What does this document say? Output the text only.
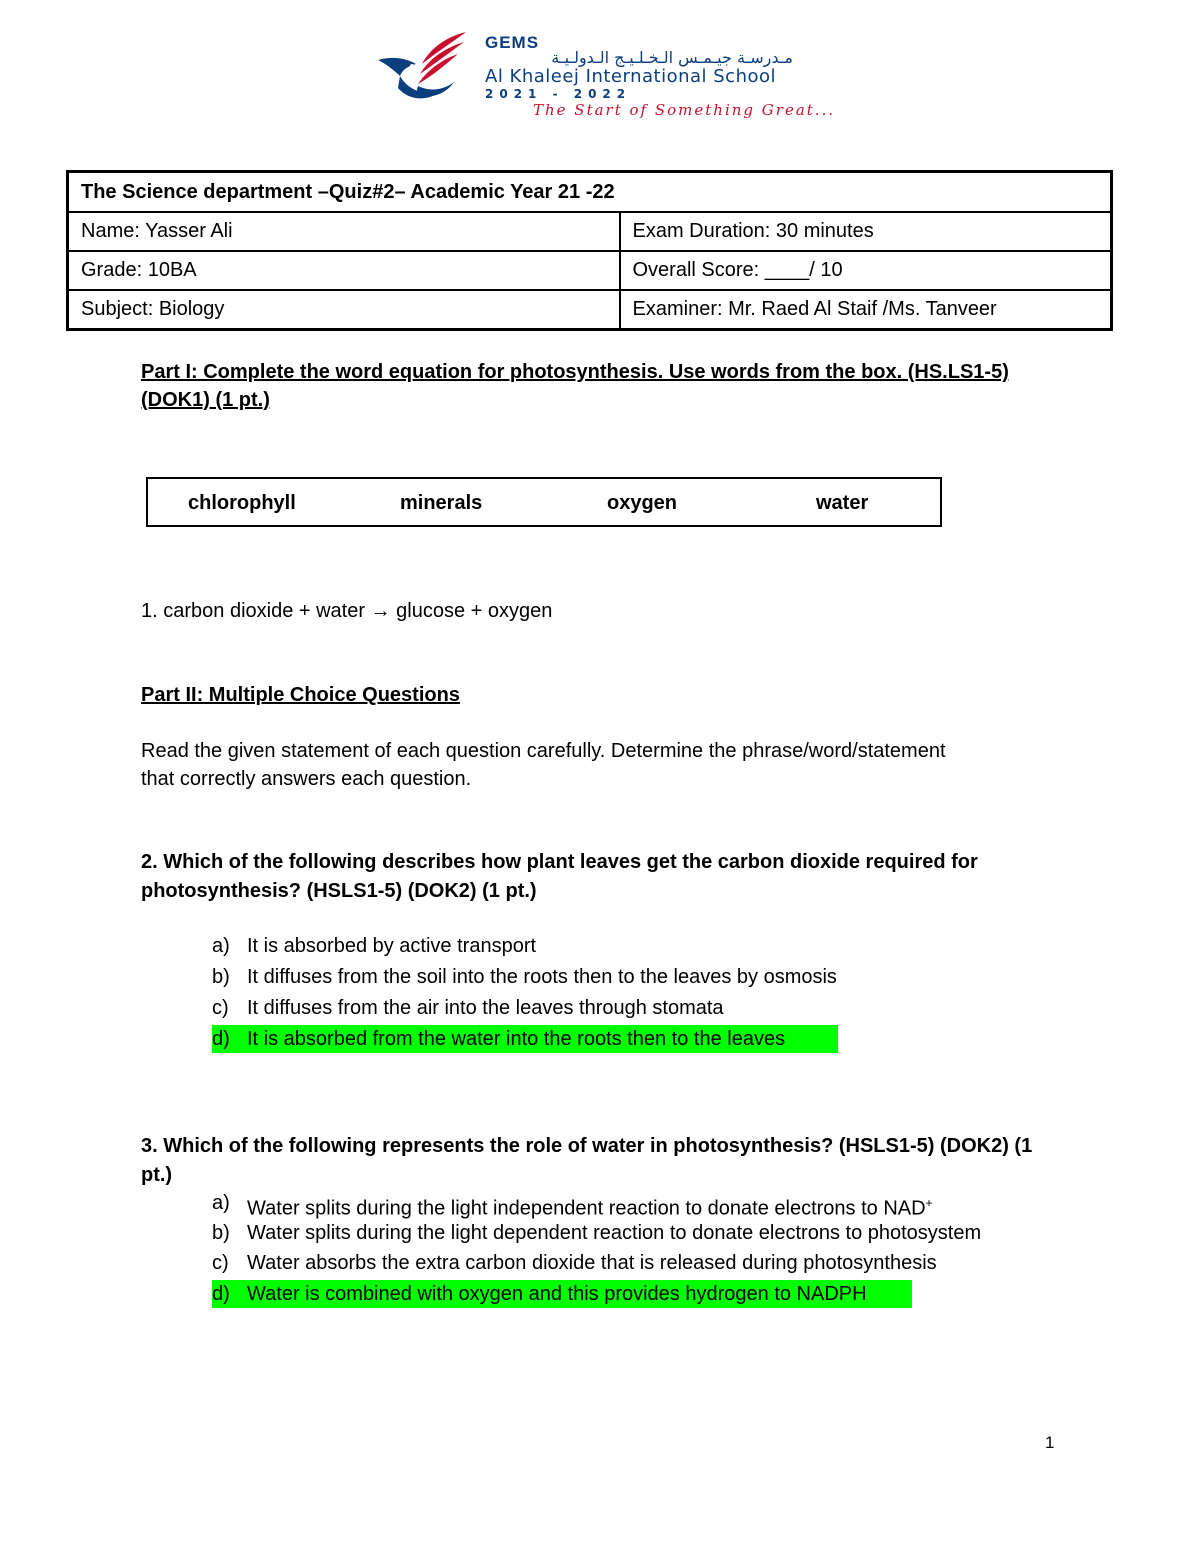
GEMS
مـدرسـة جيـمـس الـخـلـيـج الـدولـيـة
Al Khaleej International School
2021 - 2022
The Start of Something Great...
The Science department –Quiz#2– Academic Year 21 -22	
Name: Yasser Ali	Exam Duration: 30 minutes
Grade: 10BA	Overall Score: ____/ 10
Subject: Biology	Examiner: Mr. Raed Al Staif /Ms. Tanveer
Part I: Complete the word equation for photosynthesis. Use words from the box. (HS.LS1-5)
(DOK1) (1 pt.)
chlorophyll	minerals	oxygen	water
1. carbon dioxide + water → glucose + oxygen
Part II: Multiple Choice Questions
Read the given statement of each question carefully. Determine the phrase/word/statement
that correctly answers each question.
2. Which of the following describes how plant leaves get the carbon dioxide required for
photosynthesis? (HSLS1-5) (DOK2) (1 pt.)
a) It is absorbed by active transport
b) It diffuses from the soil into the roots then to the leaves by osmosis
c) It diffuses from the air into the leaves through stomata
d) It is absorbed from the water into the roots then to the leaves
3. Which of the following represents the role of water in photosynthesis? (HSLS1-5) (DOK2) (1
pt.)
a) Water splits during the light independent reaction to donate electrons to NAD+
b) Water splits during the light dependent reaction to donate electrons to photosystem
c) Water absorbs the extra carbon dioxide that is released during photosynthesis
d) Water is combined with oxygen and this provides hydrogen to NADPH
1
